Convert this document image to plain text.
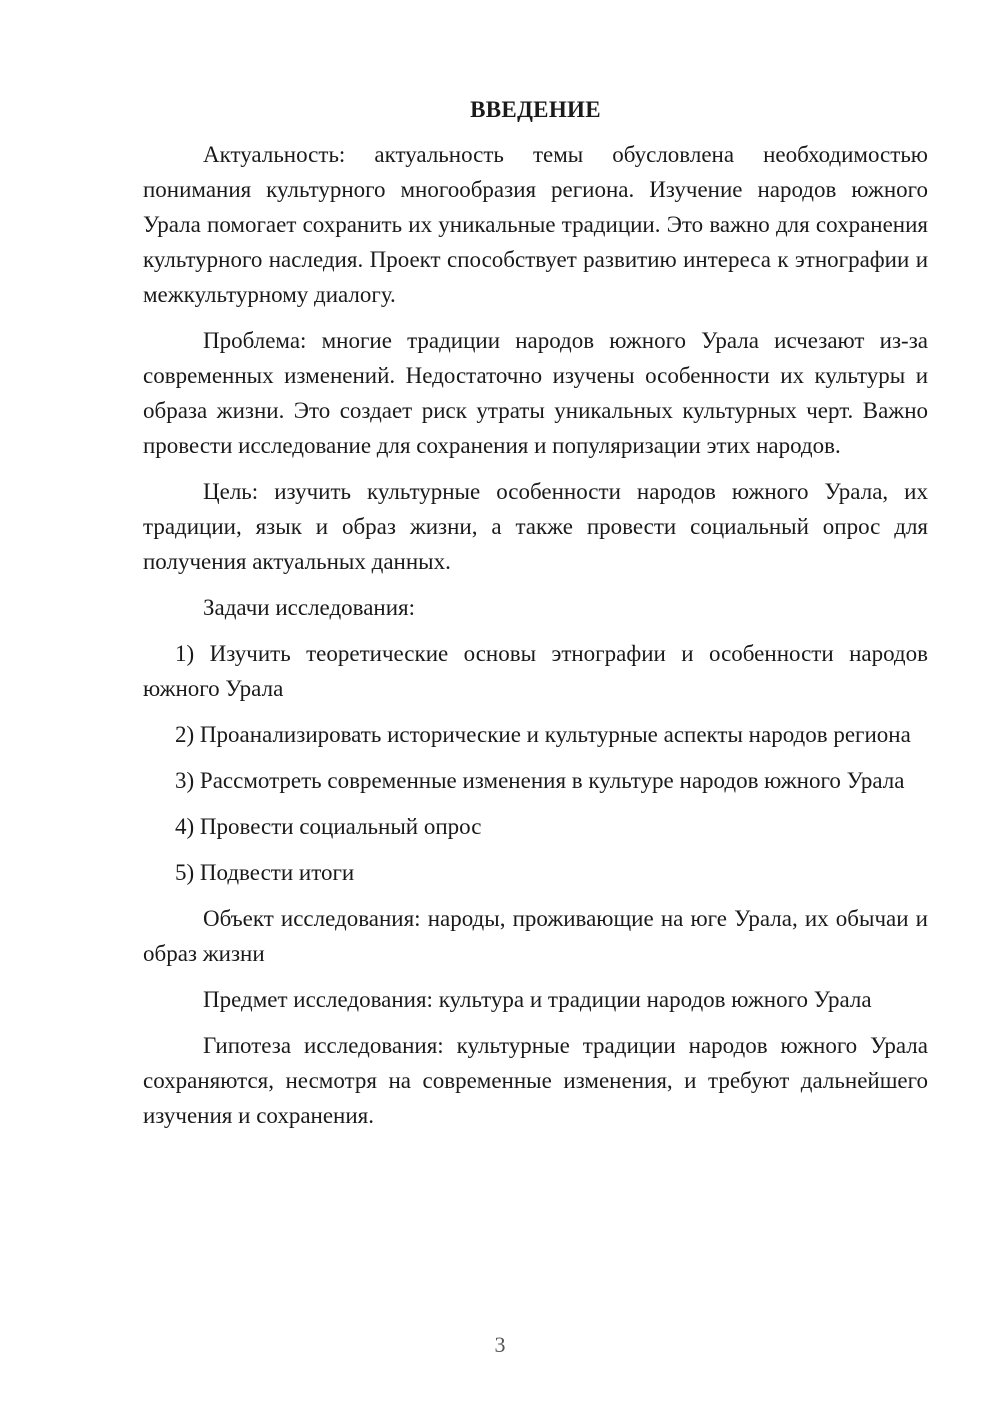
ВВЕДЕНИЕ

Актуальность: актуальность темы обусловлена необходимостью понимания культурного многообразия региона. Изучение народов южного Урала помогает сохранить их уникальные традиции. Это важно для сохранения культурного наследия. Проект способствует развитию интереса к этнографии и межкультурному диалогу.

Проблема: многие традиции народов южного Урала исчезают из-за современных изменений. Недостаточно изучены особенности их культуры и образа жизни. Это создает риск утраты уникальных культурных черт. Важно провести исследование для сохранения и популяризации этих народов.

Цель: изучить культурные особенности народов южного Урала, их традиции, язык и образ жизни, а также провести социальный опрос для получения актуальных данных.

Задачи исследования:

1) Изучить теоретические основы этнографии и особенности народов южного Урала

2) Проанализировать исторические и культурные аспекты народов региона

3) Рассмотреть современные изменения в культуре народов южного Урала

4) Провести социальный опрос

5) Подвести итоги

Объект исследования: народы, проживающие на юге Урала, их обычаи и образ жизни

Предмет исследования: культура и традиции народов южного Урала

Гипотеза исследования: культурные традиции народов южного Урала сохраняются, несмотря на современные изменения, и требуют дальнейшего изучения и сохранения.

3
